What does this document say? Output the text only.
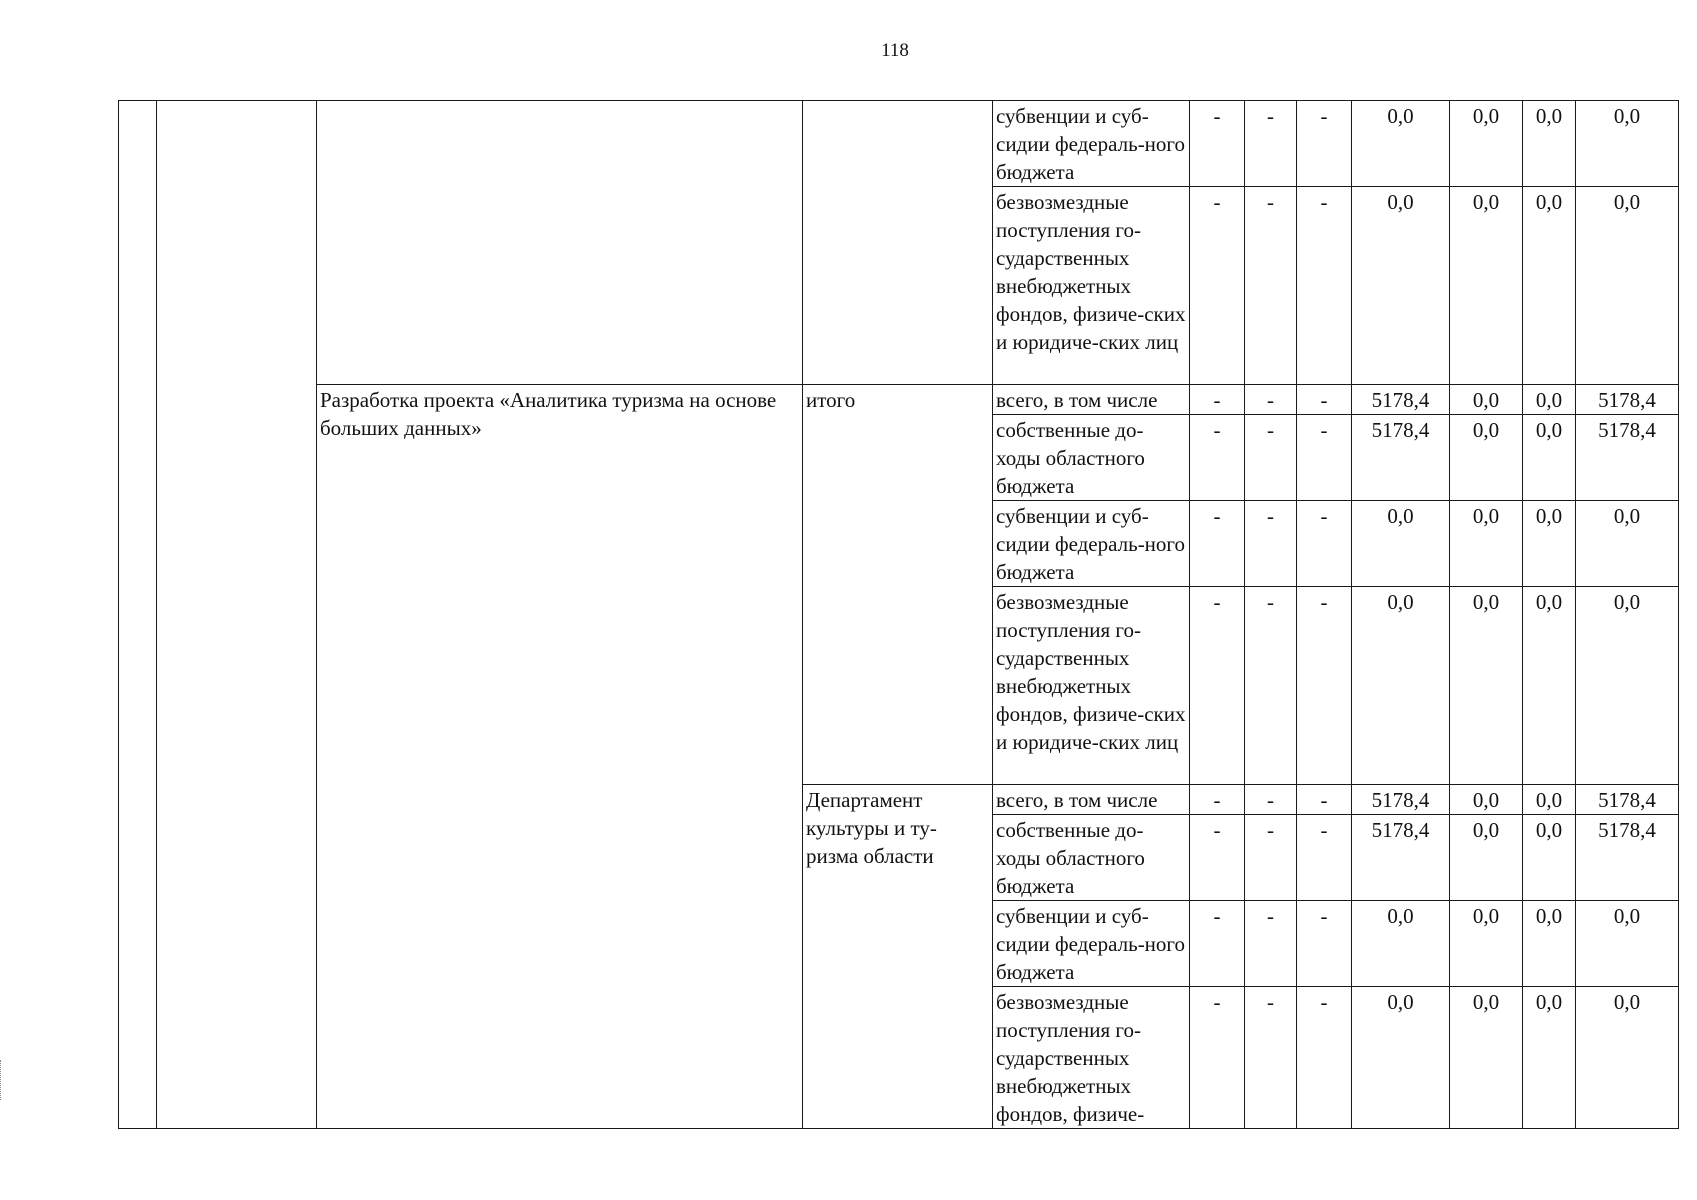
118
				субвенции и суб-сидии федераль-ного бюджета	-	-	-	0,0	0,0	0,0	0,0
				безвозмездные поступления го-сударственных внебюджетных фондов, физиче-ских и юридиче-ских лиц	-	-	-	0,0	0,0	0,0	0,0
		Разработка проекта «Аналитика туризма на основе больших данных»	итого	всего, в том числе	-	-	-	5178,4	0,0	0,0	5178,4
				собственные до-ходы областного бюджета	-	-	-	5178,4	0,0	0,0	5178,4
				субвенции и суб-сидии федераль-ного бюджета	-	-	-	0,0	0,0	0,0	0,0
				безвозмездные поступления го-сударственных внебюджетных фондов, физиче-ских и юридиче-ских лиц	-	-	-	0,0	0,0	0,0	0,0
			Департамент культуры и ту-ризма области	всего, в том числе	-	-	-	5178,4	0,0	0,0	5178,4
				собственные до-ходы областного бюджета	-	-	-	5178,4	0,0	0,0	5178,4
				субвенции и суб-сидии федераль-ного бюджета	-	-	-	0,0	0,0	0,0	0,0
				безвозмездные поступления го-сударственных внебюджетных фондов, физиче-	-	-	-	0,0	0,0	0,0	0,0
